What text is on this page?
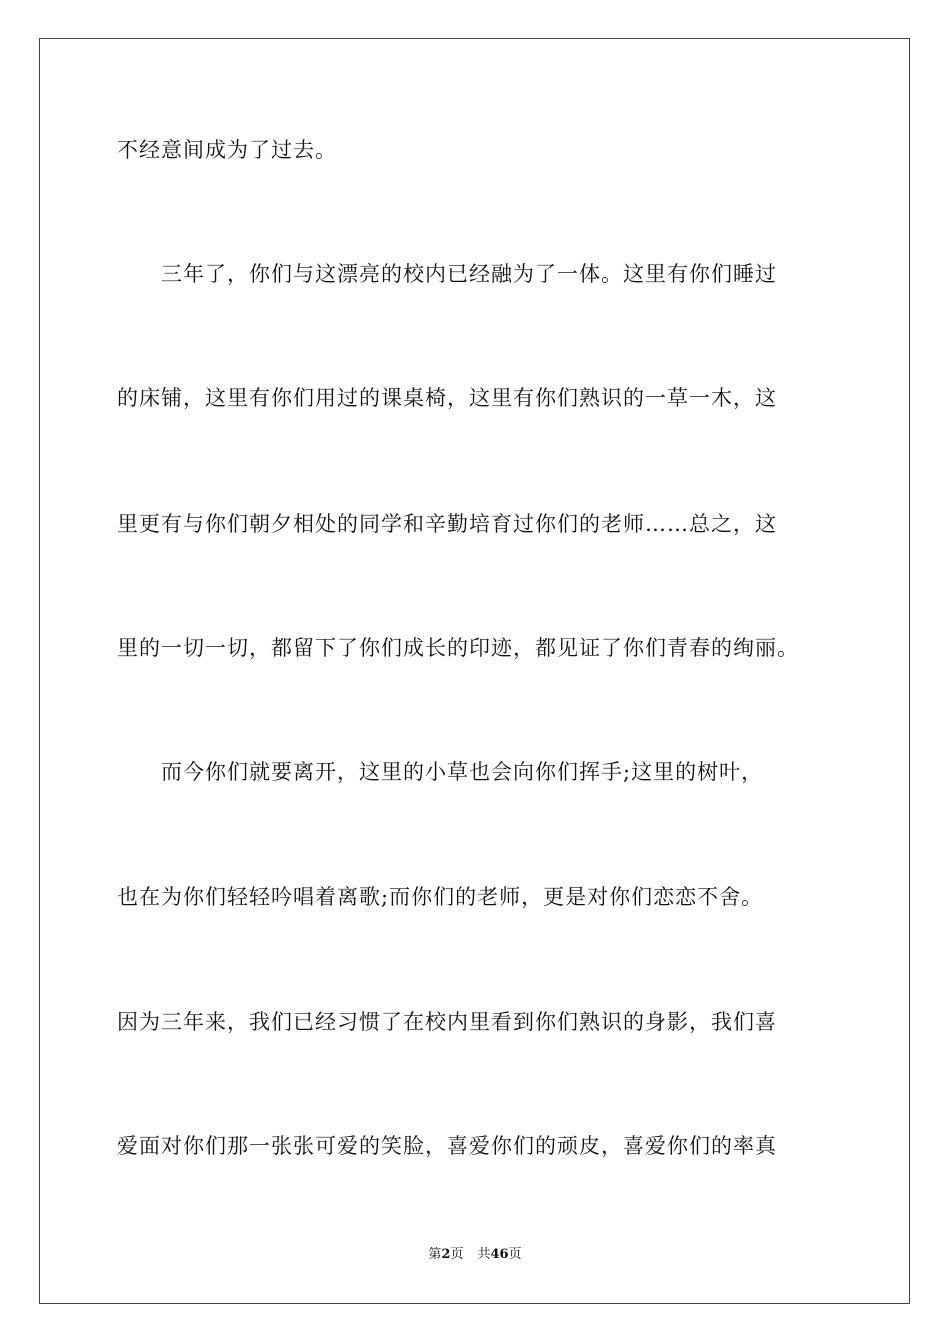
不经意间成为了过去。
　　三年了，你们与这漂亮的校内已经融为了一体。这里有你们睡过
的床铺，这里有你们用过的课桌椅，这里有你们熟识的一草一木，这
里更有与你们朝夕相处的同学和辛勤培育过你们的老师……总之，这
里的一切一切，都留下了你们成长的印迹，都见证了你们青春的绚丽。
　　而今你们就要离开，这里的小草也会向你们挥手;这里的树叶，
也在为你们轻轻吟唱着离歌;而你们的老师，更是对你们恋恋不舍。
因为三年来，我们已经习惯了在校内里看到你们熟识的身影，我们喜
爱面对你们那一张张可爱的笑脸，喜爱你们的顽皮，喜爱你们的率真
第2页 共46页
